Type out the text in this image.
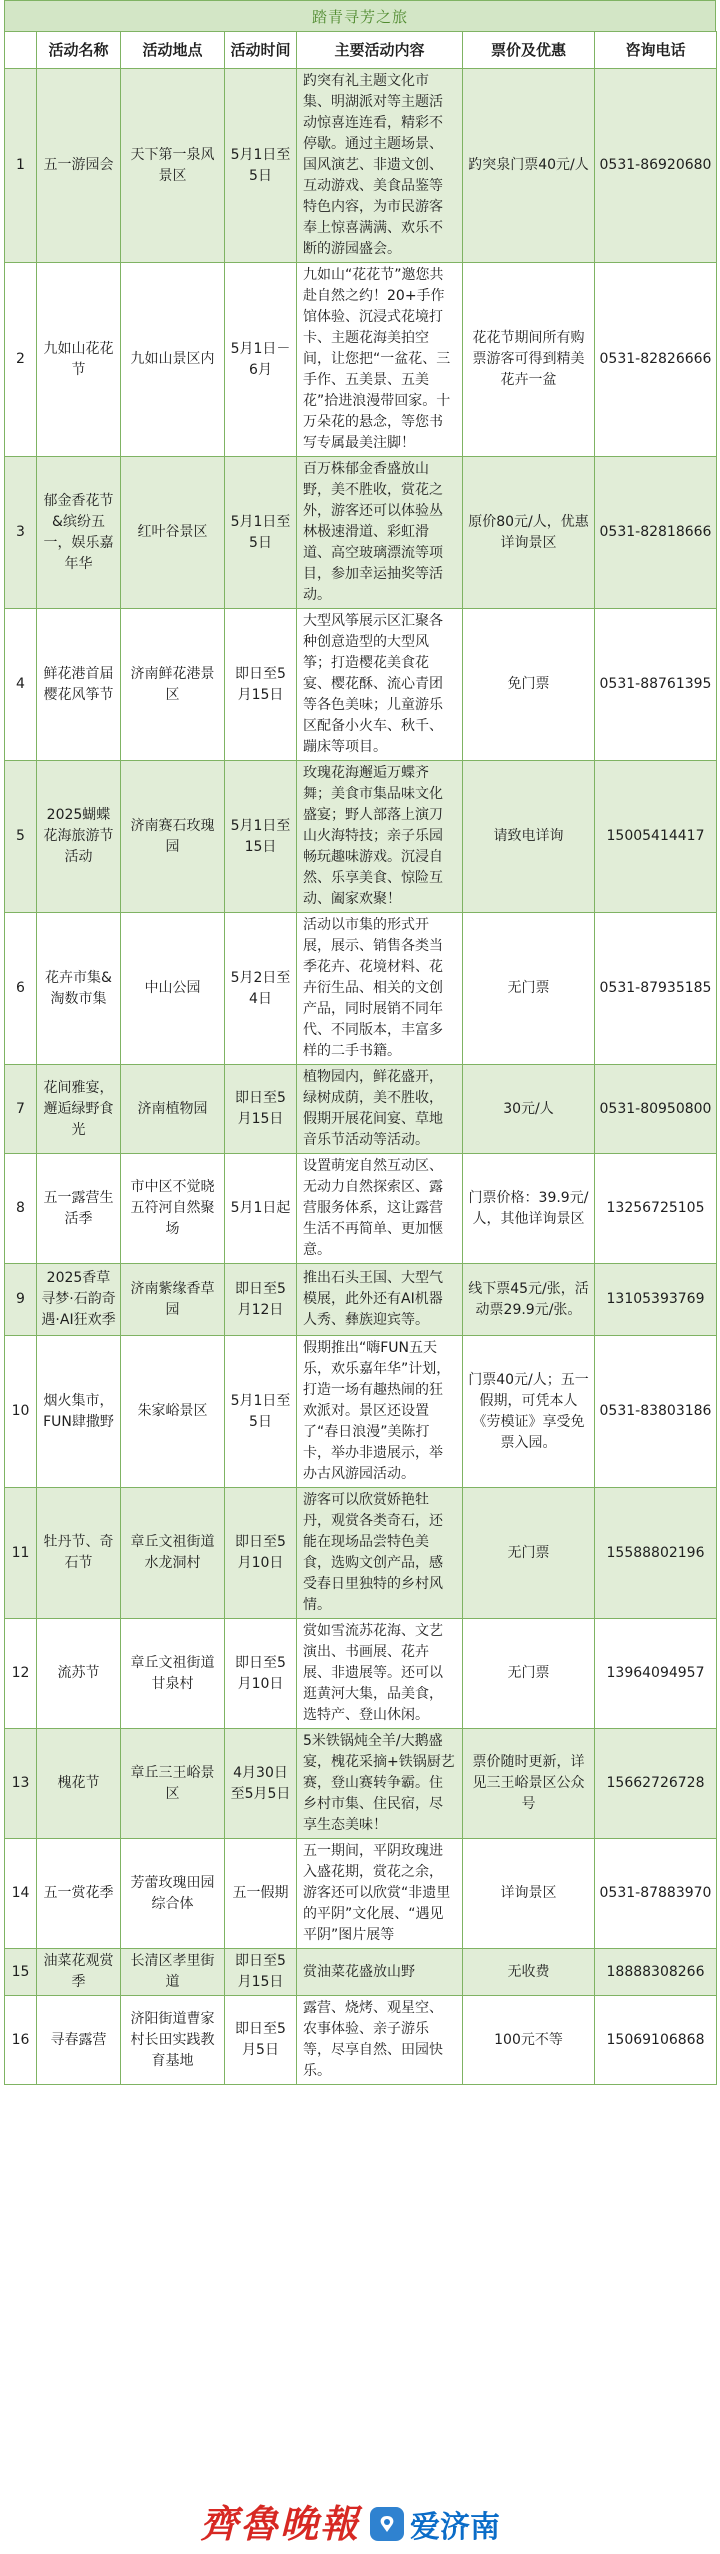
踏青寻芳之旅
	活动名称	活动地点	活动时间	主要活动内容	票价及优惠	咨询电话
1	五一游园会	天下第一泉风景区	5月1日至5日	趵突有礼主题文化市集、明湖派对等主题活动惊喜连连看，精彩不停歇。通过主题场景、国风演艺、非遗文创、互动游戏、美食品鉴等特色内容，为市民游客奉上惊喜满满、欢乐不断的游园盛会。	趵突泉门票40元/人	0531-86920680
2	九如山花花节	九如山景区内	5月1日－6月	九如山“花花节”邀您共赴自然之约！20+手作馆体验、沉浸式花境打卡、主题花海美拍空间，让您把“一盆花、三手作、五美景、五美花”拾进浪漫带回家。十万朵花的悬念，等您书写专属最美注脚！	花花节期间所有购票游客可得到精美花卉一盆	0531-82826666
3	郁金香花节&缤纷五一，娱乐嘉年华	红叶谷景区	5月1日至5日	百万株郁金香盛放山野，美不胜收，赏花之外，游客还可以体验丛林极速滑道、彩虹滑道、高空玻璃漂流等项目，参加幸运抽奖等活动。	原价80元/人，优惠详询景区	0531-82818666
4	鲜花港首届樱花风筝节	济南鲜花港景区	即日至5月15日	大型风筝展示区汇聚各种创意造型的大型风筝；打造樱花美食花宴、樱花酥、流心青团等各色美味；儿童游乐区配备小火车、秋千、蹦床等项目。	免门票	0531-88761395
5	2025蝴蝶花海旅游节活动	济南赛石玫瑰园	5月1日至15日	玫瑰花海邂逅万蝶齐舞；美食市集品味文化盛宴；野人部落上演刀山火海特技；亲子乐园畅玩趣味游戏。沉浸自然、乐享美食、惊险互动、阖家欢聚！	请致电详询	15005414417
6	花卉市集&淘数市集	中山公园	5月2日至4日	活动以市集的形式开展，展示、销售各类当季花卉、花境材料、花卉衍生品、相关的文创产品，同时展销不同年代、不同版本，丰富多样的二手书籍。	无门票	0531-87935185
7	花间雅宴，邂逅绿野食光	济南植物园	即日至5月15日	植物园内，鲜花盛开，绿树成荫，美不胜收，假期开展花间宴、草地音乐节活动等活动。	30元/人	0531-80950800
8	五一露营生活季	市中区不觉晓五符河自然聚场	5月1日起	设置萌宠自然互动区、无动力自然探索区、露营服务体系，这让露营生活不再简单、更加惬意。	门票价格：39.9元/人，其他详询景区	13256725105
9	2025香草寻梦·石韵奇遇·AI狂欢季	济南紫缘香草园	即日至5月12日	推出石头王国、大型气模展，此外还有AI机器人秀、彝族迎宾等。	线下票45元/张，活动票29.9元/张。	13105393769
10	烟火集市，FUN肆撒野	朱家峪景区	5月1日至5日	假期推出“嗨FUN五天乐，欢乐嘉年华”计划，打造一场有趣热闹的狂欢派对。景区还设置了“春日浪漫”美陈打卡，举办非遗展示，举办古风游园活动。	门票40元/人；五一假期，可凭本人《劳模证》享受免票入园。	0531-83803186
11	牡丹节、奇石节	章丘文祖街道水龙洞村	即日至5月10日	游客可以欣赏娇艳牡丹，观赏各类奇石，还能在现场品尝特色美食，选购文创产品，感受春日里独特的乡村风情。	无门票	15588802196
12	流苏节	章丘文祖街道甘泉村	即日至5月10日	赏如雪流苏花海、文艺演出、书画展、花卉展、非遗展等。还可以逛黄河大集，品美食，选特产、登山休闲。	无门票	13964094957
13	槐花节	章丘三王峪景区	4月30日至5月5日	5米铁锅炖全羊/大鹅盛宴，槐花采摘+铁锅厨艺赛，登山赛转争霸。住乡村市集、住民宿，尽享生态美味！	票价随时更新，详见三王峪景区公众号	15662726728
14	五一赏花季	芳蕾玫瑰田园综合体	五一假期	五一期间，平阴玫瑰进入盛花期，赏花之余，游客还可以欣赏“非遗里的平阴”文化展、“遇见平阴”图片展等	详询景区	0531-87883970
15	油菜花观赏季	长清区孝里街道	即日至5月15日	赏油菜花盛放山野	无收费	18888308266
16	寻春露营	济阳街道曹家村长田实践教育基地	即日至5月5日	露营、烧烤、观星空、农事体验、亲子游乐等，尽享自然、田园快乐。	100元不等	15069106868
齊魯晚報 爱济南
